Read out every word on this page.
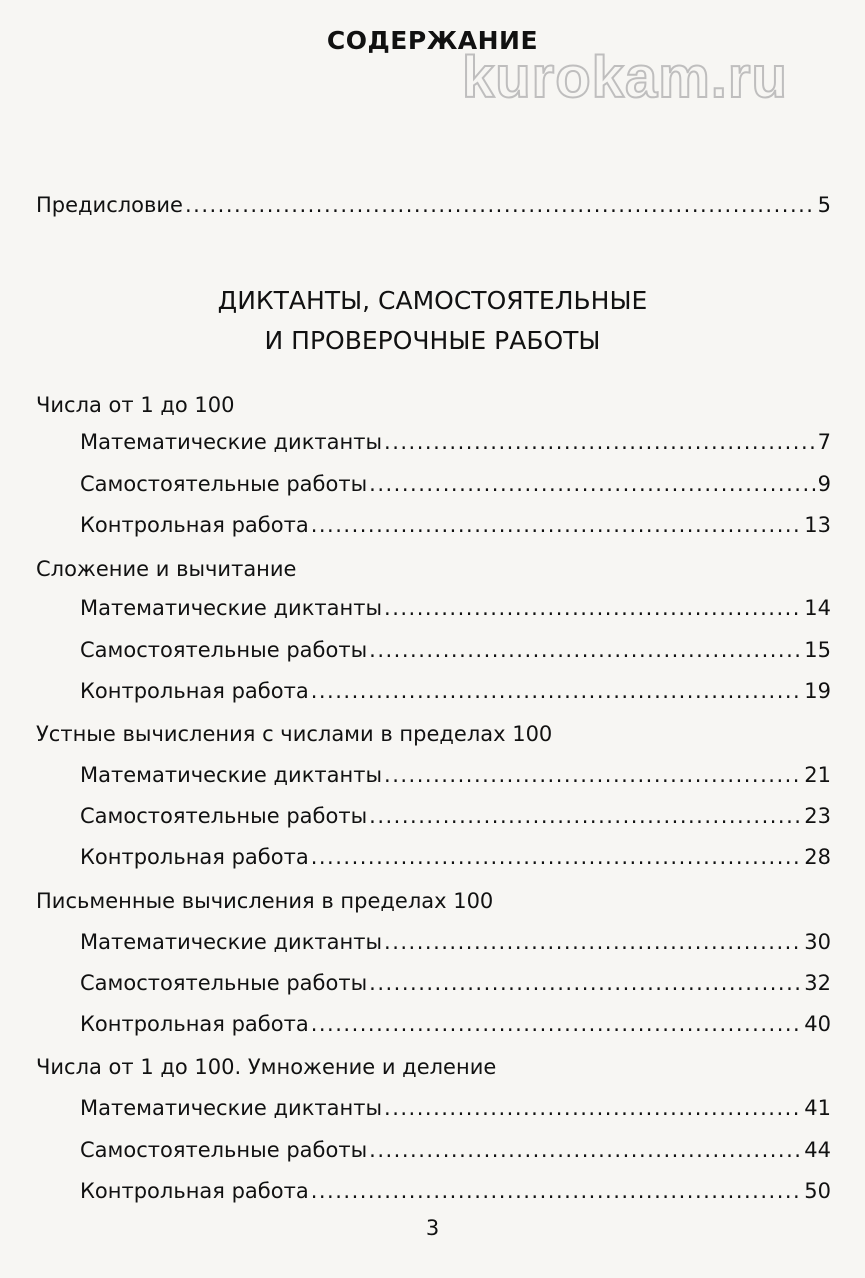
kurokam.ru
СОДЕРЖАНИЕ
Предисловие .....	5
ДИКТАНТЫ, САМОСТОЯТЕЛЬНЫЕ
И ПРОВЕРОЧНЫЕ РАБОТЫ
Числа от 1 до 100
Математические диктанты .....	7
Самостоятельные работы .....	9
Контрольная работа .....	13
Сложение и вычитание
Математические диктанты .....	14
Самостоятельные работы .....	15
Контрольная работа .....	19
Устные вычисления с числами в пределах 100
Математические диктанты .....	21
Самостоятельные работы .....	23
Контрольная работа .....	28
Письменные вычисления в пределах 100
Математические диктанты .....	30
Самостоятельные работы .....	32
Контрольная работа .....	40
Числа от 1 до 100. Умножение и деление
Математические диктанты .....	41
Самостоятельные работы .....	44
Контрольная работа .....	50
3
